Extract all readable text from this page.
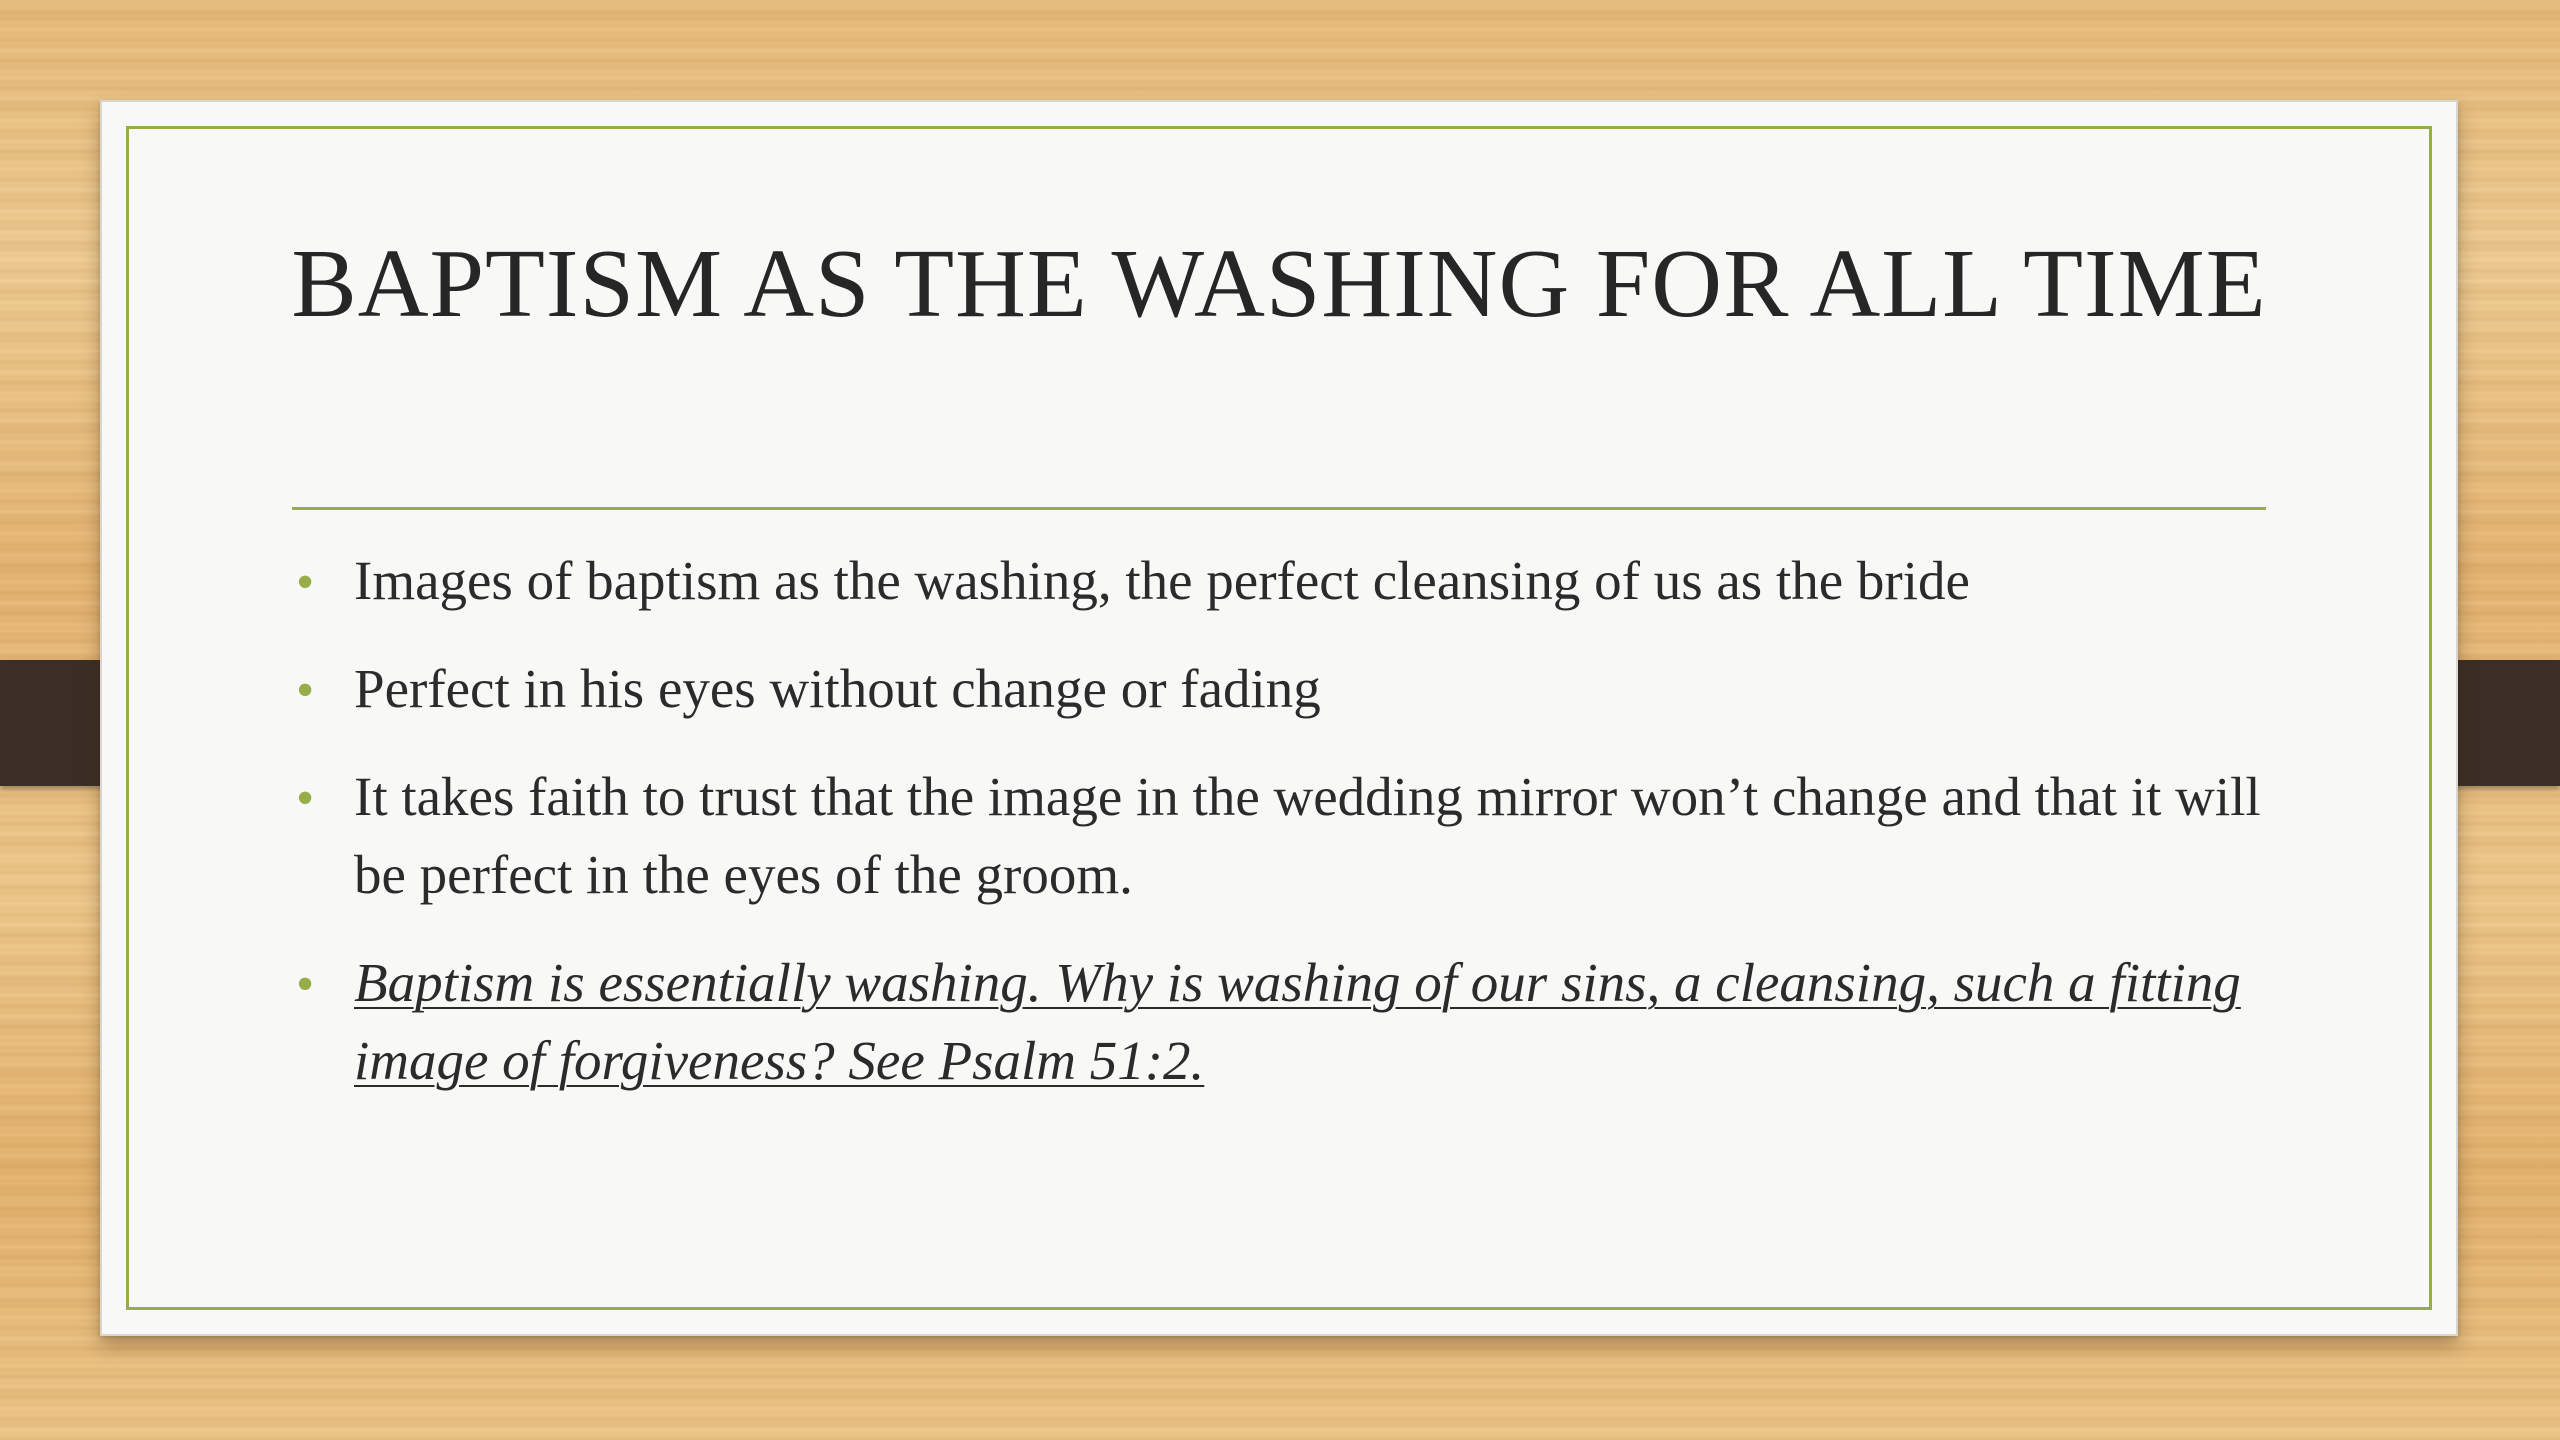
BAPTISM AS THE WASHING FOR ALL TIME
• Images of baptism as the washing, the perfect cleansing of us as the bride
• Perfect in his eyes without change or fading
• It takes faith to trust that the image in the wedding mirror won’t change and that it will be perfect in the eyes of the groom.
• Baptism is essentially washing. Why is washing of our sins, a cleansing, such a fitting image of forgiveness? See Psalm 51:2.
